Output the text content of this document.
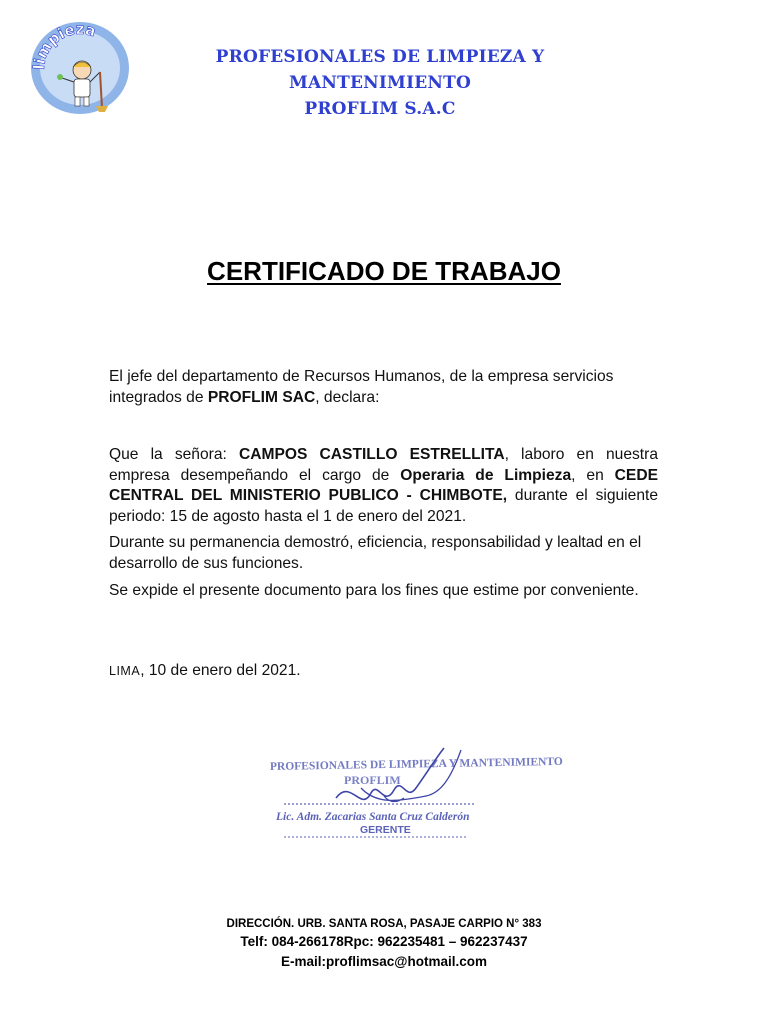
limpieza
PROFESIONALES DE LIMPIEZA Y MANTENIMIENTO
PROFLIM S.A.C
CERTIFICADO DE TRABAJO
El jefe del departamento de Recursos Humanos, de la empresa servicios integrados de PROFLIM SAC, declara:
Que la señora: CAMPOS CASTILLO ESTRELLITA, laboro en nuestra empresa desempeñando el cargo de Operaria de Limpieza, en CEDE CENTRAL DEL MINISTERIO PUBLICO - CHIMBOTE, durante el siguiente periodo: 15 de agosto hasta el 1 de enero del 2021.
Durante su permanencia demostró, eficiencia, responsabilidad y lealtad en el desarrollo de sus funciones.
Se expide el presente documento para los fines que estime por conveniente.
LIMA, 10 de enero del 2021.
PROFESIONALES DE LIMPIEZA Y MANTENIMIENTO
PROFLIM
Lic. Adm. Zacarias Santa Cruz Calderón
GERENTE
DIRECCIÓN. URB. SANTA ROSA, PASAJE CARPIO N° 383
Telf: 084-266178Rpc: 962235481 – 962237437
E-mail:proflimsac@hotmail.com
